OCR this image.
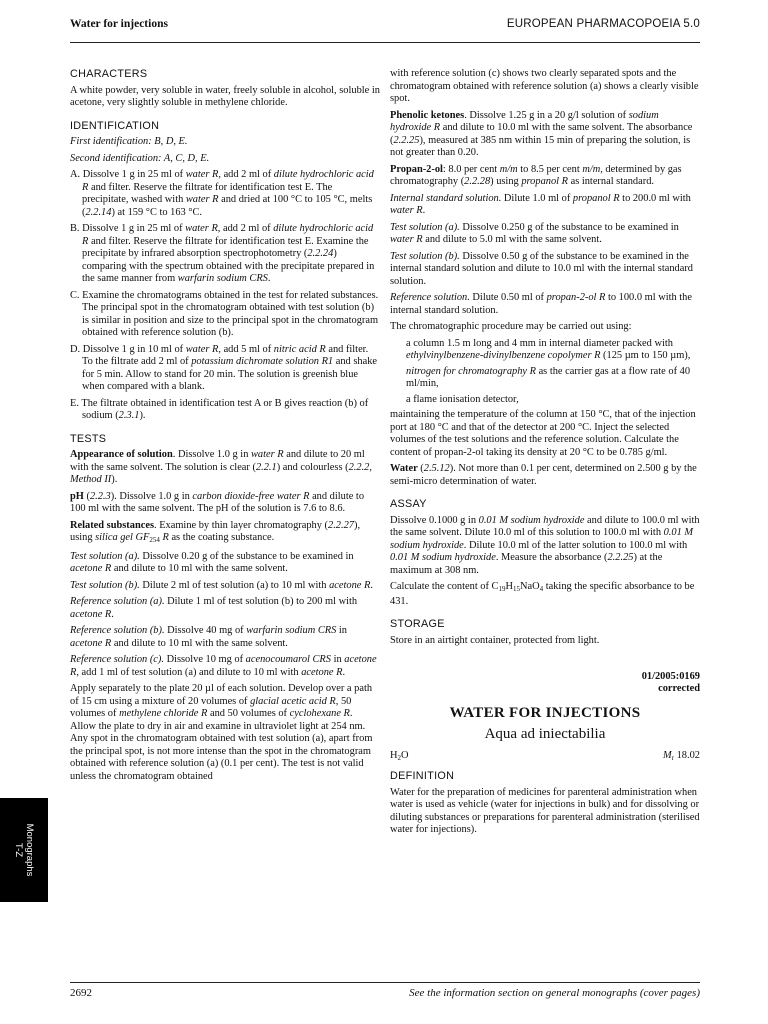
Water for injections	EUROPEAN PHARMACOPOEIA 5.0
CHARACTERS

A white powder, very soluble in water, freely soluble in alcohol, soluble in acetone, very slightly soluble in methylene chloride.

IDENTIFICATION

First identification: B, D, E.

Second identification: A, C, D, E.

A. Dissolve 1 g in 25 ml of water R, add 2 ml of dilute hydrochloric acid R and filter. Reserve the filtrate for identification test E. The precipitate, washed with water R and dried at 100 °C to 105 °C, melts (2.2.14) at 159 °C to 163 °C.

B. Dissolve 1 g in 25 ml of water R, add 2 ml of dilute hydrochloric acid R and filter. Reserve the filtrate for identification test E. Examine the precipitate by infrared absorption spectrophotometry (2.2.24) comparing with the spectrum obtained with the precipitate prepared in the same manner from warfarin sodium CRS.

C. Examine the chromatograms obtained in the test for related substances. The principal spot in the chromatogram obtained with test solution (b) is similar in position and size to the principal spot in the chromatogram obtained with reference solution (b).

D. Dissolve 1 g in 10 ml of water R, add 5 ml of nitric acid R and filter. To the filtrate add 2 ml of potassium dichromate solution R1 and shake for 5 min. Allow to stand for 20 min. The solution is greenish blue when compared with a blank.

E. The filtrate obtained in identification test A or B gives reaction (b) of sodium (2.3.1).

TESTS

Appearance of solution. Dissolve 1.0 g in water R and dilute to 20 ml with the same solvent. The solution is clear (2.2.1) and colourless (2.2.2, Method II).

pH (2.2.3). Dissolve 1.0 g in carbon dioxide-free water R and dilute to 100 ml with the same solvent. The pH of the solution is 7.6 to 8.6.

Related substances. Examine by thin layer chromatography (2.2.27), using silica gel $GF_{254}$ R as the coating substance.

Test solution (a). Dissolve 0.20 g of the substance to be examined in acetone R and dilute to 10 ml with the same solvent.

Test solution (b). Dilute 2 ml of test solution (a) to 10 ml with acetone R.

Reference solution (a). Dilute 1 ml of test solution (b) to 200 ml with acetone R.

Reference solution (b). Dissolve 40 mg of warfarin sodium CRS in acetone R and dilute to 10 ml with the same solvent.

Reference solution (c). Dissolve 10 mg of acenocoumarol CRS in acetone R, add 1 ml of test solution (a) and dilute to 10 ml with acetone R.

Apply separately to the plate 20 µl of each solution. Develop over a path of 15 cm using a mixture of 20 volumes of glacial acetic acid R, 50 volumes of methylene chloride R and 50 volumes of cyclohexane R. Allow the plate to dry in air and examine in ultraviolet light at 254 nm. Any spot in the chromatogram obtained with test solution (a), apart from the principal spot, is not more intense than the spot in the chromatogram obtained with reference solution (a) (0.1 per cent). The test is not valid unless the chromatogram obtained

with reference solution (c) shows two clearly separated spots and the chromatogram obtained with reference solution (a) shows a clearly visible spot.

Phenolic ketones. Dissolve 1.25 g in a 20 g/l solution of sodium hydroxide R and dilute to 10.0 ml with the same solvent. The absorbance (2.2.25), measured at 385 nm within 15 min of preparing the solution, is not greater than 0.20.

Propan-2-ol: 8.0 per cent m/m to 8.5 per cent m/m, determined by gas chromatography (2.2.28) using propanol R as internal standard.

Internal standard solution. Dilute 1.0 ml of propanol R to 200.0 ml with water R.

Test solution (a). Dissolve 0.250 g of the substance to be examined in water R and dilute to 5.0 ml with the same solvent.

Test solution (b). Dissolve 0.50 g of the substance to be examined in the internal standard solution and dilute to 10.0 ml with the internal standard solution.

Reference solution. Dilute 0.50 ml of propan-2-ol R to 100.0 ml with the internal standard solution.

The chromatographic procedure may be carried out using:

a column 1.5 m long and 4 mm in internal diameter packed with ethylvinylbenzene-divinylbenzene copolymer R (125 µm to 150 µm),

nitrogen for chromatography R as the carrier gas at a flow rate of 40 ml/min,

a flame ionisation detector,

maintaining the temperature of the column at 150 °C, that of the injection port at 180 °C and that of the detector at 200 °C. Inject the selected volumes of the test solutions and the reference solution. Calculate the content of propan-2-ol taking its density at 20 °C to be 0.785 g/ml.

Water (2.5.12). Not more than 0.1 per cent, determined on 2.500 g by the semi-micro determination of water.

ASSAY

Dissolve 0.1000 g in 0.01 M sodium hydroxide and dilute to 100.0 ml with the same solvent. Dilute 10.0 ml of this solution to 100.0 ml with 0.01 M sodium hydroxide. Dilute 10.0 ml of the latter solution to 100.0 ml with 0.01 M sodium hydroxide. Measure the absorbance (2.2.25) at the maximum at 308 nm.

Calculate the content of $C_{19}H_{15}NaO_4$ taking the specific absorbance to be 431.

STORAGE

Store in an airtight container, protected from light.

01/2005:0169

corrected

WATER FOR INJECTIONS
Aqua ad iniectabilia
$H_2O$	$M_r$ 18.02
DEFINITION

Water for the preparation of medicines for parenteral administration when water is used as vehicle (water for injections in bulk) and for dissolving or diluting substances or preparations for parenteral administration (sterilised water for injections).

Monographs
T-Z
2692	See the information section on general monographs (cover pages)
